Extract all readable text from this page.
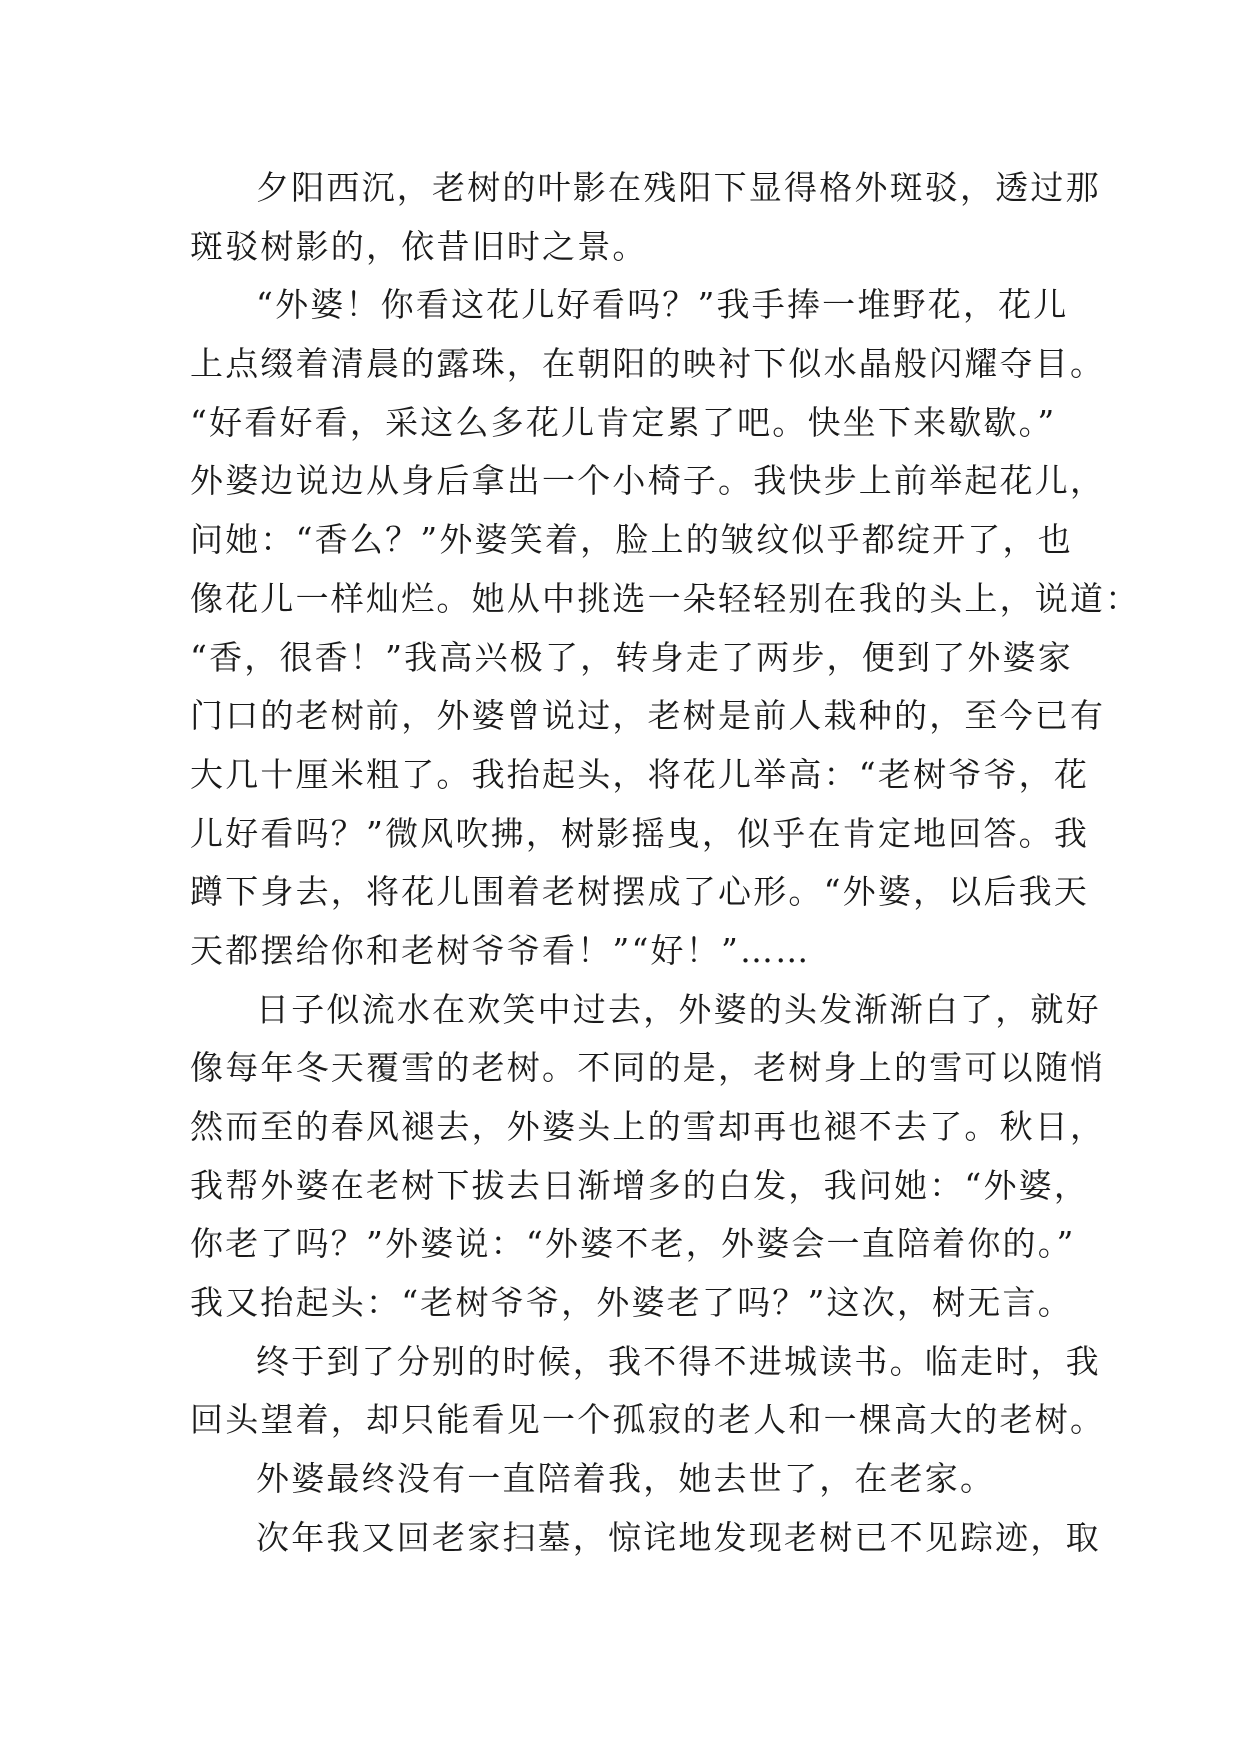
夕阳西沉，老树的叶影在残阳下显得格外斑驳，透过那
斑驳树影的，依昔旧时之景。
“外婆！你看这花儿好看吗？”我手捧一堆野花，花儿
上点缀着清晨的露珠，在朝阳的映衬下似水晶般闪耀夺目。
“好看好看，采这么多花儿肯定累了吧。快坐下来歇歇。”
外婆边说边从身后拿出一个小椅子。我快步上前举起花儿，
问她：“香么？”外婆笑着，脸上的皱纹似乎都绽开了，也
像花儿一样灿烂。她从中挑选一朵轻轻别在我的头上，说道：
“香，很香！”我高兴极了，转身走了两步，便到了外婆家
门口的老树前，外婆曾说过，老树是前人栽种的，至今已有
大几十厘米粗了。我抬起头，将花儿举高：“老树爷爷，花
儿好看吗？”微风吹拂，树影摇曳，似乎在肯定地回答。我
蹲下身去，将花儿围着老树摆成了心形。“外婆，以后我天
天都摆给你和老树爷爷看！”“好！”……
日子似流水在欢笑中过去，外婆的头发渐渐白了，就好
像每年冬天覆雪的老树。不同的是，老树身上的雪可以随悄
然而至的春风褪去，外婆头上的雪却再也褪不去了。秋日，
我帮外婆在老树下拔去日渐增多的白发，我问她：“外婆，
你老了吗？”外婆说：“外婆不老，外婆会一直陪着你的。”
我又抬起头：“老树爷爷，外婆老了吗？”这次，树无言。
终于到了分别的时候，我不得不进城读书。临走时，我
回头望着，却只能看见一个孤寂的老人和一棵高大的老树。
外婆最终没有一直陪着我，她去世了，在老家。
次年我又回老家扫墓，惊诧地发现老树已不见踪迹，取
